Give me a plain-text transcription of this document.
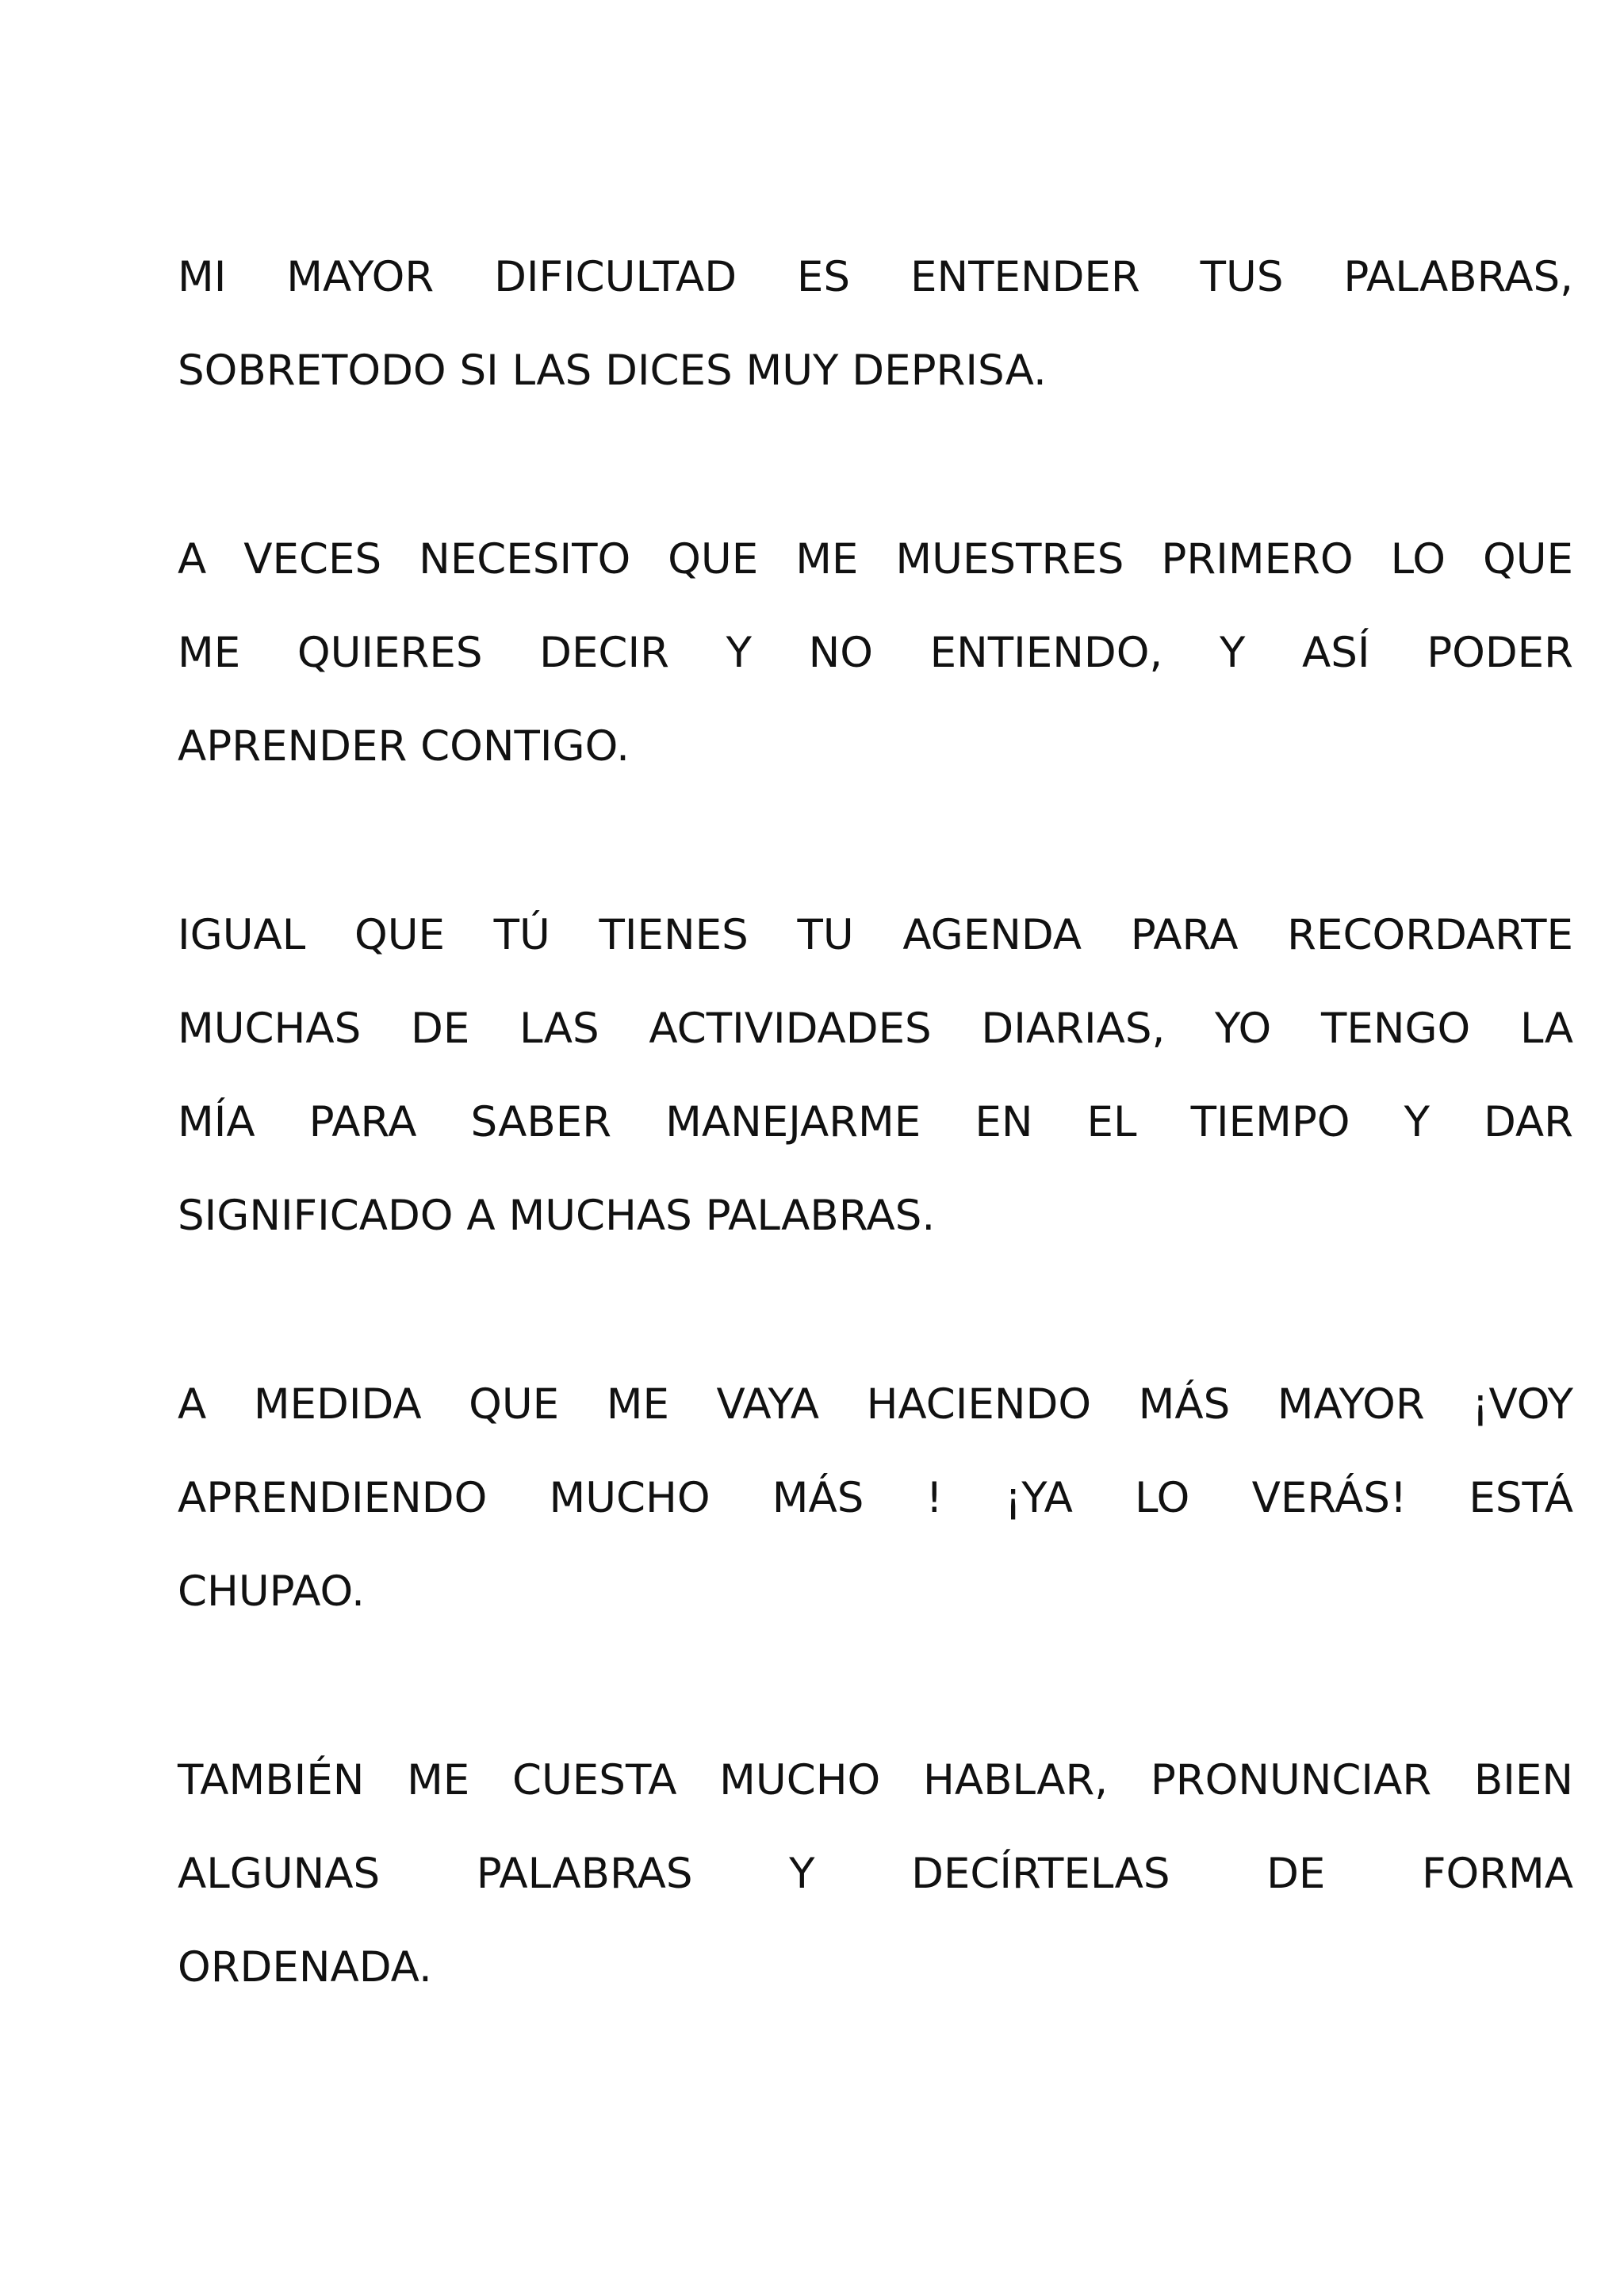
MI MAYOR DIFICULTAD ES ENTENDER TUS PALABRAS,
SOBRETODO SI LAS DICES MUY DEPRISA.
A VECES NECESITO QUE ME MUESTRES PRIMERO LO QUE
ME QUIERES DECIR Y NO ENTIENDO, Y ASÍ PODER
APRENDER CONTIGO.
IGUAL QUE TÚ TIENES TU AGENDA PARA RECORDARTE
MUCHAS DE LAS ACTIVIDADES DIARIAS, YO TENGO LA
MÍA PARA SABER MANEJARME EN EL TIEMPO Y DAR
SIGNIFICADO A MUCHAS PALABRAS.
A MEDIDA QUE ME VAYA HACIENDO MÁS MAYOR ¡VOY
APRENDIENDO MUCHO MÁS ! ¡YA LO VERÁS! ESTÁ
CHUPAO.
TAMBIÉN ME CUESTA MUCHO HABLAR, PRONUNCIAR BIEN
ALGUNAS PALABRAS Y DECÍRTELAS DE FORMA
ORDENADA.
